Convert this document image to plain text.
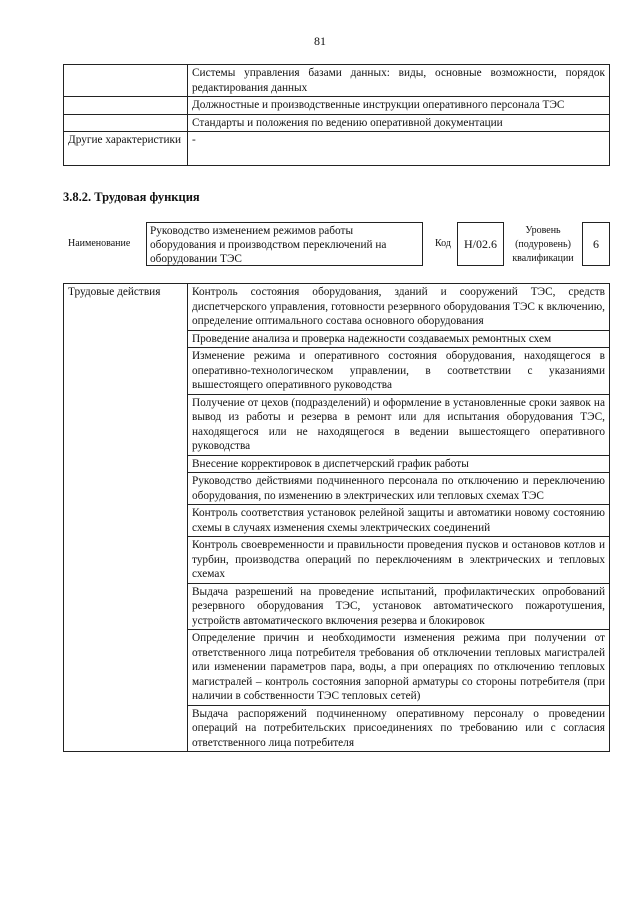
81
	Системы управления базами данных: виды, основные возможности, порядок редактирования данных
	Должностные и производственные инструкции оперативного персонала ТЭС
	Стандарты и положения по ведению оперативной документации
Другие характеристики	-
3.8.2. Трудовая функция
Наименование
Руководство изменением режимов работы оборудования и производством переключений на оборудовании ТЭС
Код	Н/02.6
Уровень (подуровень) квалификации
6
Трудовые действия	Контроль состояния оборудования, зданий и сооружений ТЭС, средств диспетчерского управления, готовности резервного оборудования ТЭС к включению, определение оптимального состава основного оборудования
Проведение анализа и проверка надежности создаваемых ремонтных схем
Изменение режима и оперативного состояния оборудования, находящегося в оперативно-технологическом управлении, в соответствии с указаниями вышестоящего оперативного руководства
Получение от цехов (подразделений) и оформление в установленные сроки заявок на вывод из работы и резерва в ремонт или для испытания оборудования ТЭС, находящегося или не находящегося в ведении вышестоящего оперативного руководства
Внесение корректировок в диспетчерский график работы
Руководство действиями подчиненного персонала по отключению и переключению оборудования, по изменению в электрических или тепловых схемах ТЭС
Контроль соответствия установок релейной защиты и автоматики новому состоянию схемы в случаях изменения схемы электрических соединений
Контроль своевременности и правильности проведения пусков и остановов котлов и турбин, производства операций по переключениям в электрических и тепловых схемах
Выдача разрешений на проведение испытаний, профилактических опробований резервного оборудования ТЭС, установок автоматического пожаротушения, устройств автоматического включения резерва и блокировок
Определение причин и необходимости изменения режима при получении от ответственного лица потребителя требования об отключении тепловых магистралей или изменении параметров пара, воды, а при операциях по отключению тепловых магистралей – контроль состояния запорной арматуры со стороны потребителя (при наличии в собственности ТЭС тепловых сетей)
Выдача распоряжений подчиненному оперативному персоналу о проведении операций на потребительских присоединениях по требованию или с согласия ответственного лица потребителя
